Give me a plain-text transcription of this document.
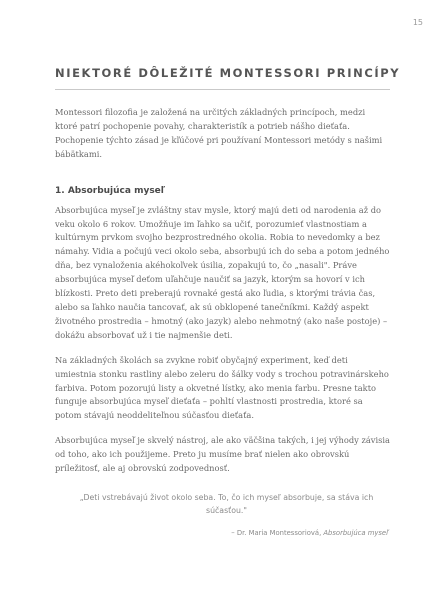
15
NIEKTORÉ DÔLEŽITÉ MONTESSORI PRINCÍPY

Montessori filozofia je založená na určitých základných princípoch, medzi ktoré patrí pochopenie povahy, charakteristík a potrieb nášho dieťaťa. Pochopenie týchto zásad je kľúčové pri používaní Montessori metódy s našimi bábätkami.

1. Absorbujúca myseľ

Absorbujúca myseľ je zvláštny stav mysle, ktorý majú deti od narodenia až do veku okolo 6 rokov. Umožňuje im ľahko sa učiť, porozumieť vlastnostiam a kultúrnym prvkom svojho bezprostredného okolia. Robia to nevedomky a bez námahy. Vidia a počujú veci okolo seba, absorbujú ich do seba a potom jedného dňa, bez vynaloženia akéhokoľvek úsilia, zopakujú to, čo „nasali". Práve absorbujúca myseľ deťom uľahčuje naučiť sa jazyk, ktorým sa hovorí v ich blízkosti. Preto deti preberajú rovnaké gestá ako ľudia, s ktorými trávia čas, alebo sa ľahko naučia tancovať, ak sú obklopené tanečníkmi. Každý aspekt životného prostredia – hmotný (ako jazyk) alebo nehmotný (ako naše postoje) – dokážu absorbovať už i tie najmenšie deti.

Na základných školách sa zvykne robiť obyčajný experiment, keď deti umiestnia stonku rastliny alebo zeleru do šálky vody s trochou potravinárskeho farbiva. Potom pozorujú listy a okvetné lístky, ako menia farbu. Presne takto funguje absorbujúca myseľ dieťaťa – pohltí vlastnosti prostredia, ktoré sa potom stávajú neoddeliteľnou súčasťou dieťaťa.

Absorbujúca myseľ je skvelý nástroj, ale ako väčšina takých, i jej výhody závisia od toho, ako ich použijeme. Preto ju musíme brať nielen ako obrovskú príležitosť, ale aj obrovskú zodpovednosť.

„Deti vstrebávajú život okolo seba. To, čo ich myseľ absorbuje, sa stáva ich súčasťou."
– Dr. Maria Montessoriová, Absorbujúca myseľ
